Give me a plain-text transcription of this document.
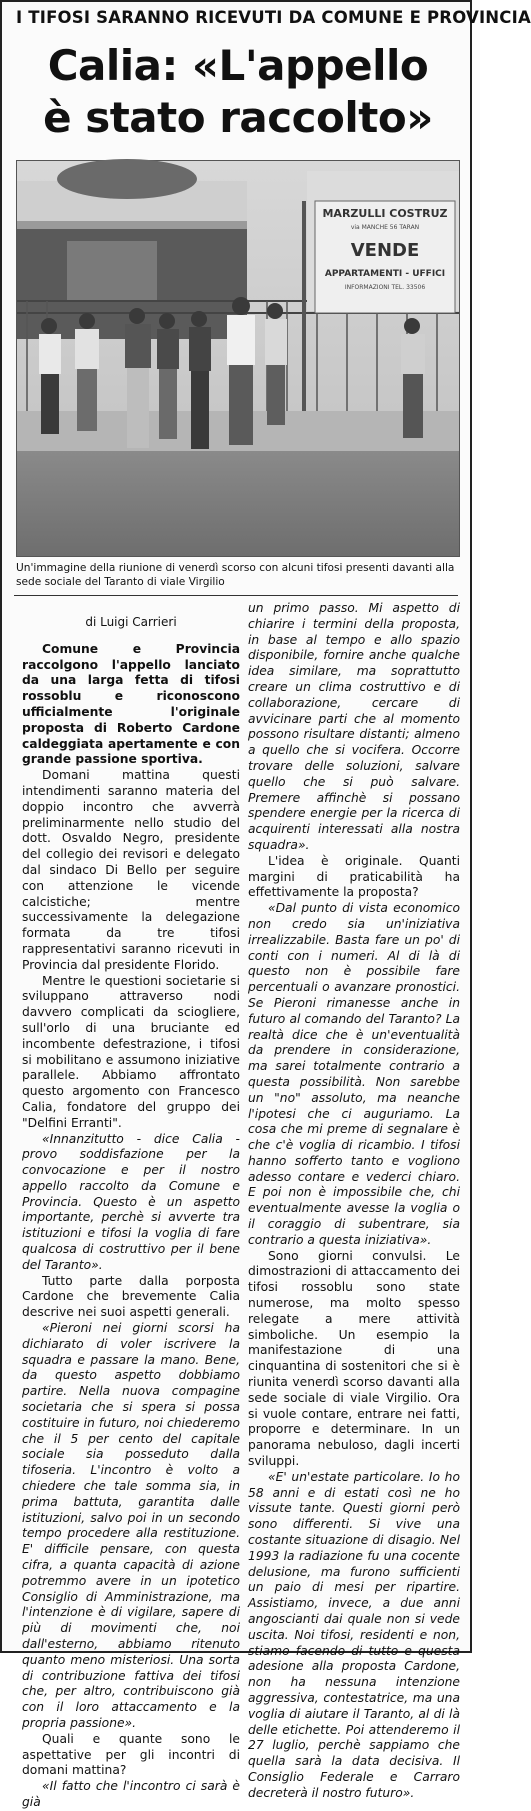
I TIFOSI SARANNO RICEVUTI DA COMUNE E PROVINCIA
Calia: «L'appello
è stato raccolto»
MARZULLI COSTRUZ
via MANCHE 56 TARAN
VENDE
APPARTAMENTI - UFFICI
INFORMAZIONI TEL. 33506
Un'immagine della riunione di venerdì scorso con alcuni tifosi presenti davanti alla sede sociale del Taranto di viale Virgilio
di Luigi Carrieri

Comune e Provincia raccolgono l'appello lanciato da una larga fetta di tifosi rossoblu e riconoscono ufficialmente l'originale proposta di Roberto Cardone caldeggiata apertamente e con grande passione sportiva.

Domani mattina questi intendimenti saranno materia del doppio incontro che avverrà preliminarmente nello studio del dott. Osvaldo Negro, presidente del collegio dei revisori e delegato dal sindaco Di Bello per seguire con attenzione le vicende calcistiche; mentre successivamente la delegazione formata da tre tifosi rappresentativi saranno ricevuti in Provincia dal presidente Florido.

Mentre le questioni societarie si sviluppano attraverso nodi davvero complicati da sciogliere, sull'orlo di una bruciante ed incombente defestrazione, i tifosi si mobilitano e assumono iniziative parallele. Abbiamo affrontato questo argomento con Francesco Calia, fondatore del gruppo dei "Delfini Erranti".

«Innanzitutto - dice Calia - provo soddisfazione per la convocazione e per il nostro appello raccolto da Comune e Provincia. Questo è un aspetto importante, perchè si avverte tra istituzioni e tifosi la voglia di fare qualcosa di costruttivo per il bene del Taranto».

Tutto parte dalla porposta Cardone che brevemente Calia descrive nei suoi aspetti generali.

«Pieroni nei giorni scorsi ha dichiarato di voler iscrivere la squadra e passare la mano. Bene, da questo aspetto dobbiamo partire. Nella nuova compagine societaria che si spera si possa costituire in futuro, noi chiederemo che il 5 per cento del capitale sociale sia posseduto dalla tifoseria. L'incontro è volto a chiedere che tale somma sia, in prima battuta, garantita dalle istituzioni, salvo poi in un secondo tempo procedere alla restituzione. E' difficile pensare, con questa cifra, a quanta capacità di azione potremmo avere in un ipotetico Consiglio di Amministrazione, ma l'intenzione è di vigilare, sapere di più di movimenti che, noi dall'esterno, abbiamo ritenuto quanto meno misteriosi. Una sorta di contribuzione fattiva dei tifosi che, per altro, contribuiscono già con il loro attaccamento e la propria passione».

Quali e quante sono le aspettative per gli incontri di domani mattina?

«Il fatto che l'incontro ci sarà è già

un primo passo. Mi aspetto di chiarire i termini della proposta, in base al tempo e allo spazio disponibile, fornire anche qualche idea similare, ma soprattutto creare un clima costruttivo e di collaborazione, cercare di avvicinare parti che al momento possono risultare distanti; almeno a quello che si vocifera. Occorre trovare delle soluzioni, salvare quello che si può salvare. Premere affinchè si possano spendere energie per la ricerca di acquirenti interessati alla nostra squadra».

L'idea è originale. Quanti margini di praticabilità ha effettivamente la proposta?

«Dal punto di vista economico non credo sia un'iniziativa irrealizzabile. Basta fare un po' di conti con i numeri. Al di là di questo non è possibile fare percentuali o avanzare pronostici. Se Pieroni rimanesse anche in futuro al comando del Taranto? La realtà dice che è un'eventualità da prendere in considerazione, ma sarei totalmente contrario a questa possibilità. Non sarebbe un "no" assoluto, ma neanche l'ipotesi che ci auguriamo. La cosa che mi preme di segnalare è che c'è voglia di ricambio. I tifosi hanno sofferto tanto e vogliono adesso contare e vederci chiaro. E poi non è impossibile che, chi eventualmente avesse la voglia o il coraggio di subentrare, sia contrario a questa iniziativa».

Sono giorni convulsi. Le dimostrazioni di attaccamento dei tifosi rossoblu sono state numerose, ma molto spesso relegate a mere attività simboliche. Un esempio la manifestazione di una cinquantina di sostenitori che si è riunita venerdì scorso davanti alla sede sociale di viale Virgilio. Ora si vuole contare, entrare nei fatti, proporre e determinare. In un panorama nebuloso, dagli incerti sviluppi.

«E' un'estate particolare. Io ho 58 anni e di estati così ne ho vissute tante. Questi giorni però sono differenti. Si vive una costante situazione di disagio. Nel 1993 la radiazione fu una cocente delusione, ma furono sufficienti un paio di mesi per ripartire. Assistiamo, invece, a due anni angoscianti dai quale non si vede uscita. Noi tifosi, residenti e non, stiamo facendo di tutto e questa adesione alla proposta Cardone, non ha nessuna intenzione aggressiva, contestatrice, ma una voglia di aiutare il Taranto, al di là delle etichette. Poi attenderemo il 27 luglio, perchè sappiamo che quella sarà la data decisiva. Il Consiglio Federale e Carraro decreterà il nostro futuro».
